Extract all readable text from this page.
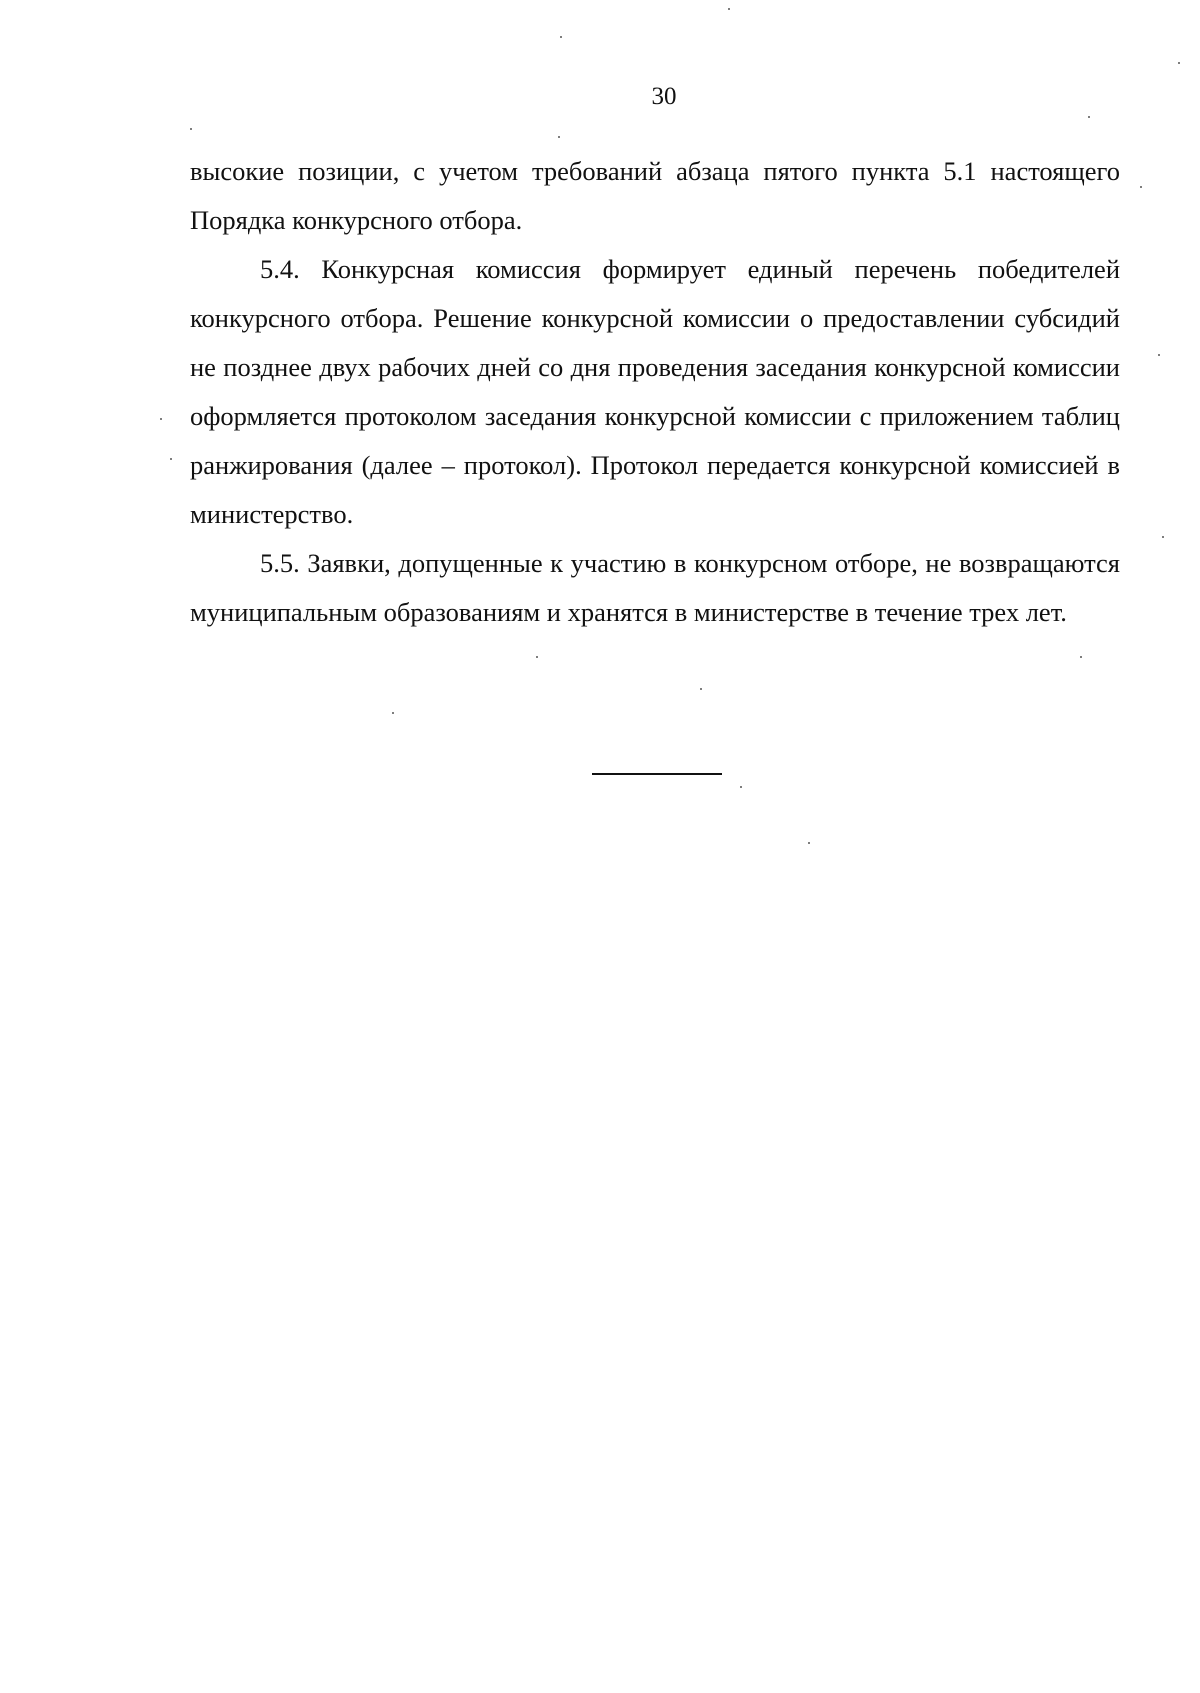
30

высокие позиции, с учетом требований абзаца пятого пункта 5.1 настоящего Порядка конкурсного отбора.

5.4. Конкурсная комиссия формирует единый перечень победителей конкурсного отбора. Решение конкурсной комиссии о предоставлении субсидий не позднее двух рабочих дней со дня проведения заседания конкурсной комиссии оформляется протоколом заседания конкурсной комиссии с приложением таблиц ранжирования (далее – протокол). Протокол передается конкурсной комиссией в министерство.

5.5. Заявки, допущенные к участию в конкурсном отборе, не возвращаются муниципальным образованиям и хранятся в министерстве в течение трех лет.
